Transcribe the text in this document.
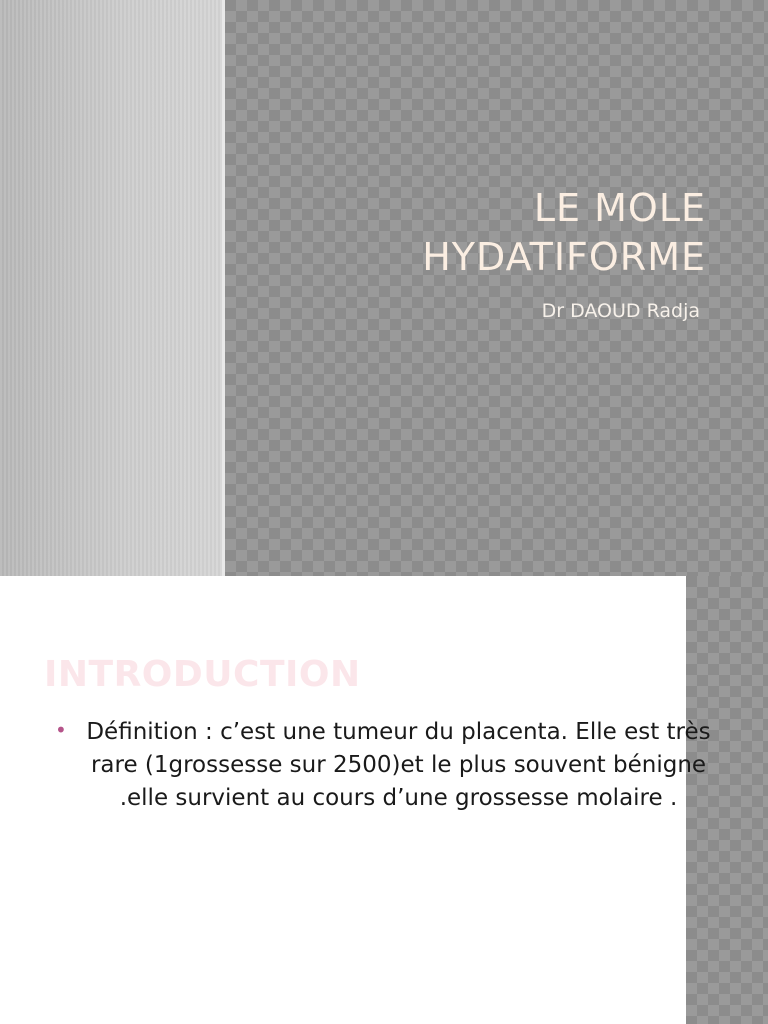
LE MOLE HYDATIFORME
Dr DAOUD Radja
INTRODUCTION
• Définition : c’est une tumeur du placenta. Elle est très rare (1grossesse sur 2500)et le plus souvent bénigne .elle survient au cours d’une grossesse molaire .
